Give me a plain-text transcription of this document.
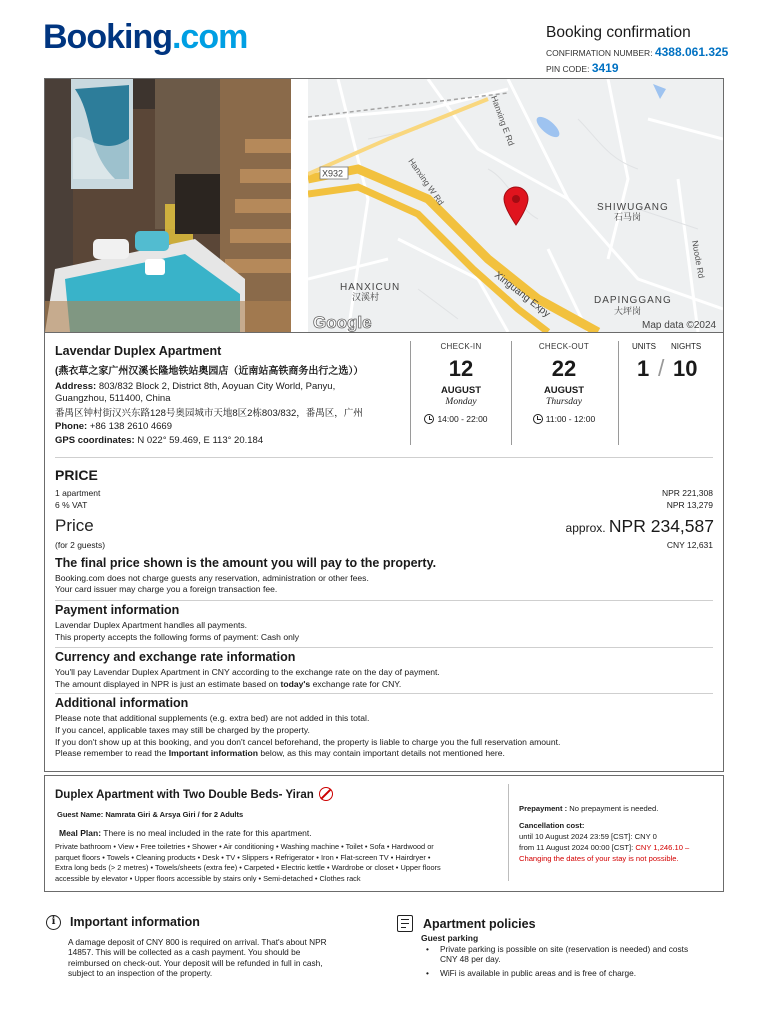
Booking.com	Booking confirmation
CONFIRMATION NUMBER: 4388.061.325
PIN CODE: 3419
X932
Hanxing E Rd
Hanxing W Rd
SHIWUGANG
石马岗
HANXICUN
汉溪村	Xinguang Expy	DAPINGGANG
大坪岗
Nuode Rd
Google	Map data ©2024
Lavendar Duplex Apartment
(燕衣草之家广州汉溪长隆地铁站奥园店（近南站高铁商务出行之选））
Address: 803/832 Block 2, District 8th, Aoyuan City World, Panyu,
Guangzhou, 511400, China
番禺区钟村街汉兴东路128号奥园城市天地8区2栋803/832，番禺区，广州
Phone: +86 138 2610 4669
GPS coordinates: N 022° 59.469, E 113° 20.184
CHECK-IN
12
AUGUST
Monday
14:00 - 22:00
CHECK-OUT
22
AUGUST
Thursday
11:00 - 12:00
UNITS NIGHTS
1 / 10
PRICE
1 apartment	NPR 221,308
6 % VAT	NPR 13,279
Price	approx. NPR 234,587
(for 2 guests)	CNY 12,631
The final price shown is the amount you will pay to the property.
Booking.com does not charge guests any reservation, administration or other fees.
Your card issuer may charge you a foreign transaction fee.
Payment information
Lavendar Duplex Apartment handles all payments.
This property accepts the following forms of payment: Cash only
Currency and exchange rate information
You'll pay Lavendar Duplex Apartment in CNY according to the exchange rate on the day of payment.
The amount displayed in NPR is just an estimate based on today's exchange rate for CNY.
Additional information
Please note that additional supplements (e.g. extra bed) are not added in this total.
If you cancel, applicable taxes may still be charged by the property.
If you don't show up at this booking, and you don't cancel beforehand, the property is liable to charge you the full reservation amount.
Please remember to read the Important information below, as this may contain important details not mentioned here.
Duplex Apartment with Two Double Beds- Yiran
Guest Name: Namrata Giri & Arsya Giri / for 2 Adults
Meal Plan: There is no meal included in the rate for this apartment.
Private bathroom • View • Free toiletries • Shower • Air conditioning • Washing machine • Toilet • Sofa • Hardwood or
parquet floors • Towels • Cleaning products • Desk • TV • Slippers • Refrigerator • Iron • Flat-screen TV • Hairdryer •
Extra long beds (> 2 metres) • Towels/sheets (extra fee) • Carpeted • Electric kettle • Wardrobe or closet • Upper floors
accessible by elevator • Upper floors accessible by stairs only • Semi-detached • Clothes rack
Prepayment : No prepayment is needed.
Cancellation cost:
until 10 August 2024 23:59 [CST]: CNY 0
from 11 August 2024 00:00 [CST]: CNY 1,246.10 –
Changing the dates of your stay is not possible.
i	Important information
A damage deposit of CNY 800 is required on arrival. That's about NPR
14857. This will be collected as a cash payment. You should be
reimbursed on check-out. Your deposit will be refunded in full in cash,
subject to an inspection of the property.
Apartment policies
Guest parking
• Private parking is possible on site (reservation is needed) and costs
CNY 48 per day.
• WiFi is available in public areas and is free of charge.
